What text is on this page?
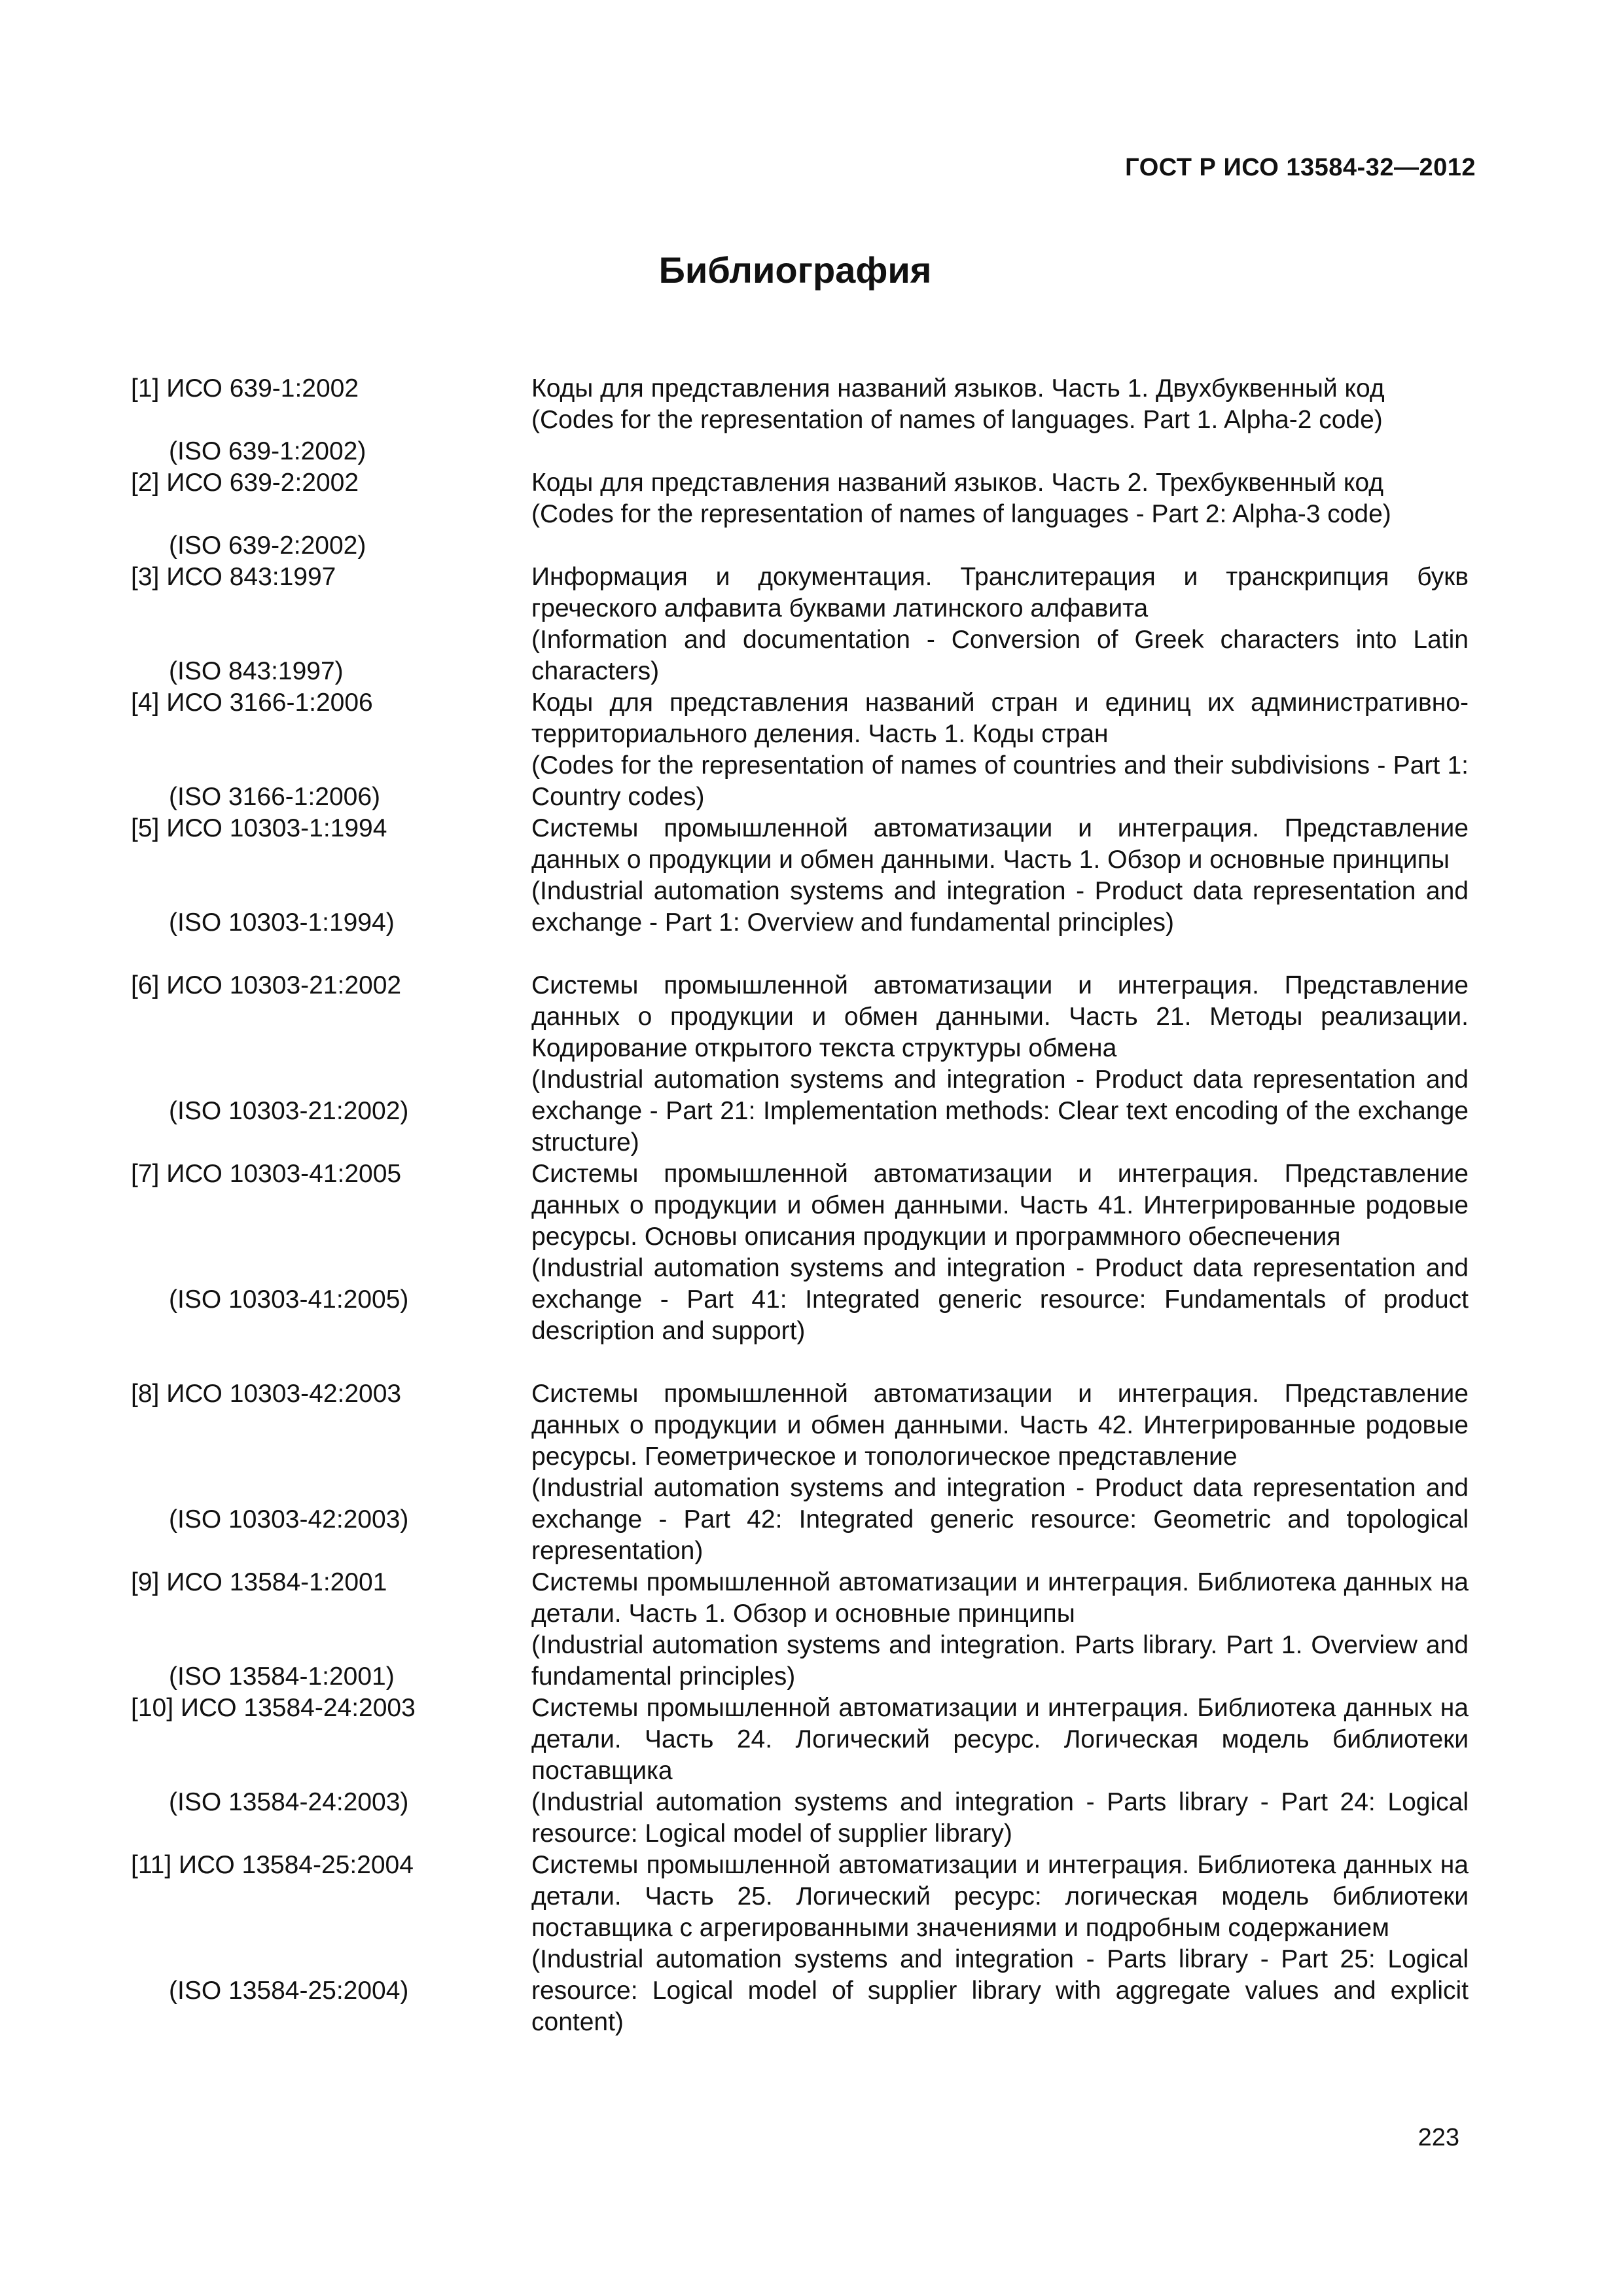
ГОСТ Р ИСО 13584-32—2012
Библиография
[1] ИСО 639-1:2002
(ISO 639-1:2002)

Коды для представления названий языков. Часть 1. Двухбуквенный код

(Codes for the representation of names of languages. Part 1. Alpha-2 code)

[2] ИСО 639-2:2002
(ISO 639-2:2002)

Коды для представления названий языков. Часть 2. Трехбуквенный код

(Codes for the representation of names of languages - Part 2: Alpha-3 code)

[3] ИСО 843:1997
(ISO 843:1997)

Информация и документация. Транслитерация и транскрипция букв греческого алфавита буквами латинского алфавита

(Information and documentation - Conversion of Greek characters into Latin characters)

[4] ИСО 3166-1:2006
(ISO 3166-1:2006)

Коды для представления названий стран и единиц их административно-территориального деления. Часть 1. Коды стран

(Codes for the representation of names of countries and their subdivisions - Part 1: Country codes)

[5] ИСО 10303-1:1994
(ISO 10303-1:1994)

Системы промышленной автоматизации и интеграция. Представление данных о продукции и обмен данными. Часть 1. Обзор и основные принципы

(Industrial automation systems and integration - Product data representation and exchange - Part 1: Overview and fundamental principles)

[6] ИСО 10303-21:2002
(ISO 10303-21:2002)

Системы промышленной автоматизации и интеграция. Представление данных о продукции и обмен данными. Часть 21. Методы реализации. Кодирование открытого текста структуры обмена

(Industrial automation systems and integration - Product data representation and exchange - Part 21: Implementation methods: Clear text encoding of the exchange structure)

[7] ИСО 10303-41:2005
(ISO 10303-41:2005)

Системы промышленной автоматизации и интеграция. Представление данных о продукции и обмен данными. Часть 41. Интегрированные родовые ресурсы. Основы описания продукции и программного обеспечения

(Industrial automation systems and integration - Product data representation and exchange - Part 41: Integrated generic resource: Fundamentals of product description and support)

[8] ИСО 10303-42:2003
(ISO 10303-42:2003)

Системы промышленной автоматизации и интеграция. Представление данных о продукции и обмен данными. Часть 42. Интегрированные родовые ресурсы. Геометрическое и топологическое представление

(Industrial automation systems and integration - Product data representation and exchange - Part 42: Integrated generic resource: Geometric and topological representation)

[9] ИСО 13584-1:2001
(ISO 13584-1:2001)

Системы промышленной автоматизации и интеграция. Библиотека данных на детали. Часть 1. Обзор и основные принципы

(Industrial automation systems and integration. Parts library. Part 1. Overview and fundamental principles)

[10] ИСО 13584-24:2003
(ISO 13584-24:2003)

Системы промышленной автоматизации и интеграция. Библиотека данных на детали. Часть 24. Логический ресурс. Логическая модель библиотеки поставщика

(Industrial automation systems and integration - Parts library - Part 24: Logical resource: Logical model of supplier library)

[11] ИСО 13584-25:2004
(ISO 13584-25:2004)

Системы промышленной автоматизации и интеграция. Библиотека данных на детали. Часть 25. Логический ресурс: логическая модель библиотеки поставщика с агрегированными значениями и подробным содержанием

(Industrial automation systems and integration - Parts library - Part 25: Logical resource: Logical model of supplier library with aggregate values and explicit content)

223
